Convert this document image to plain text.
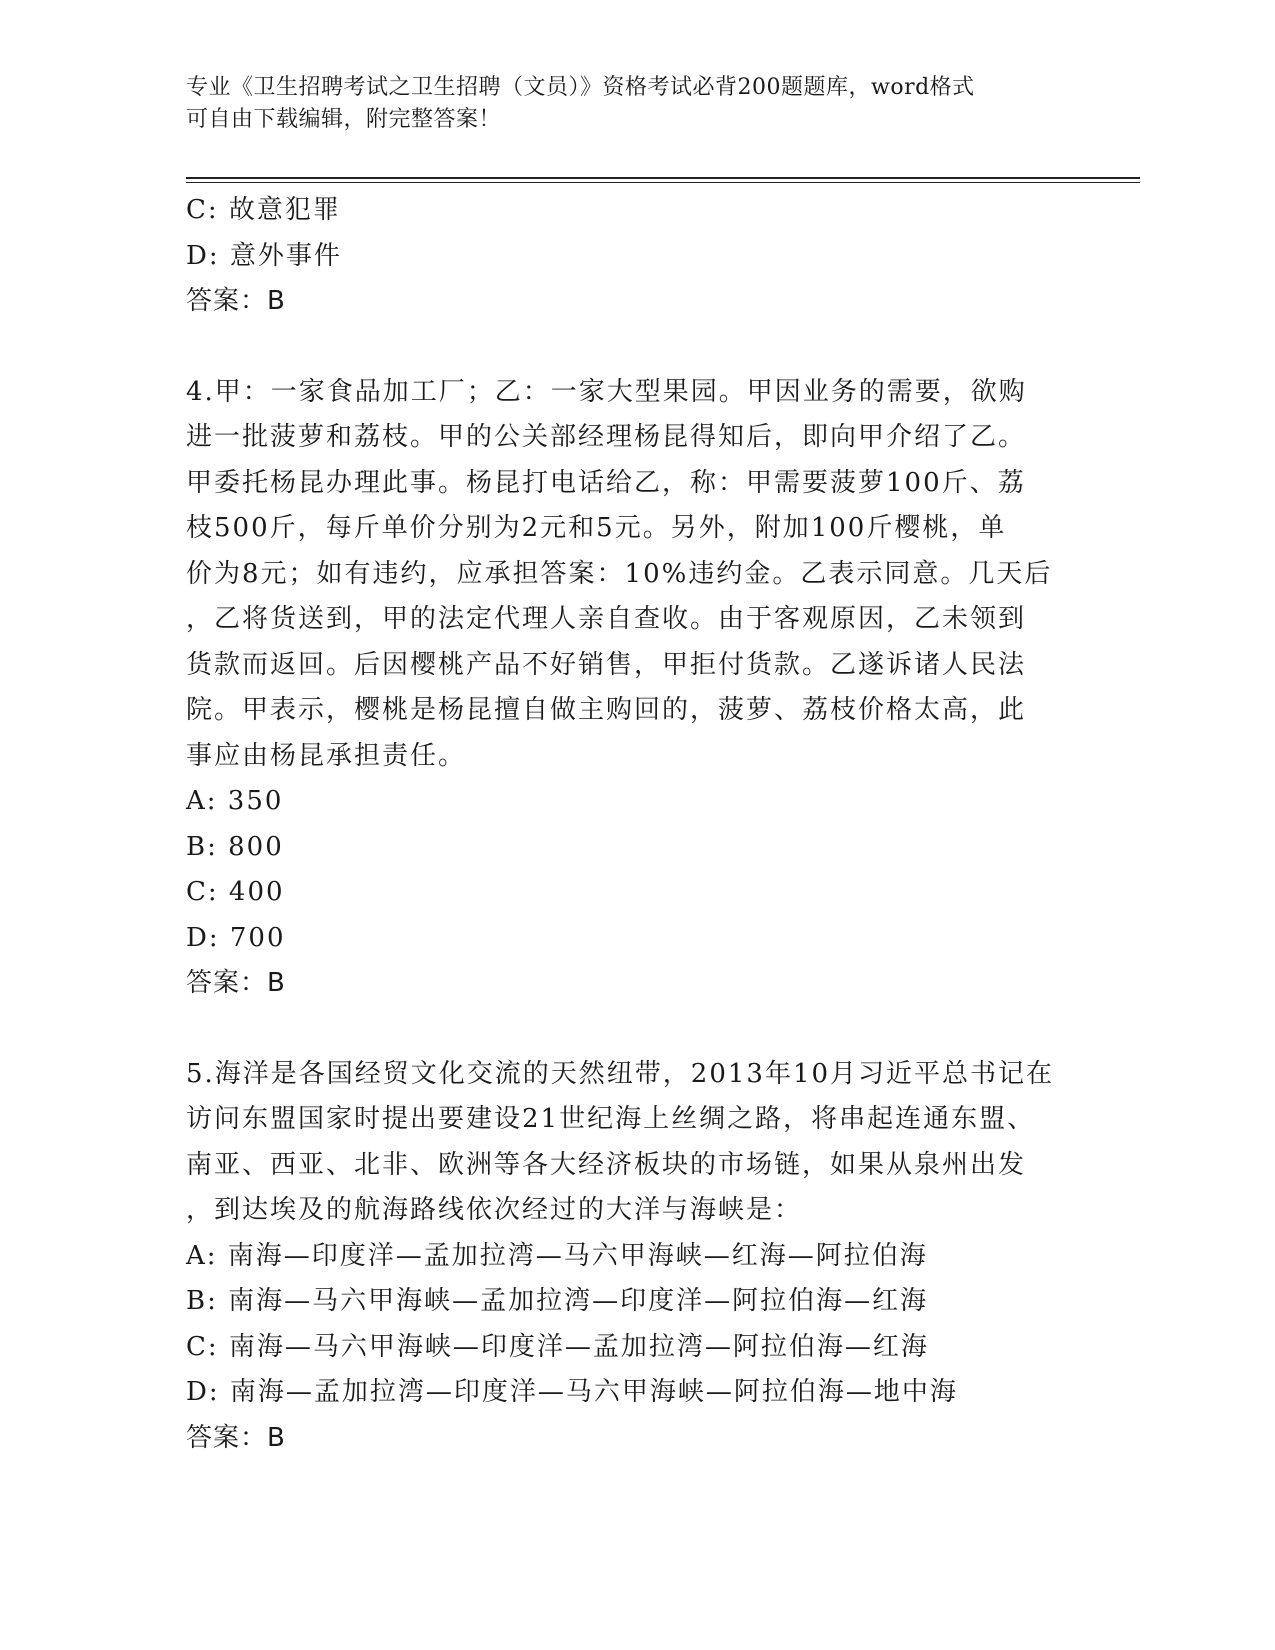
专业《卫生招聘考试之卫生招聘（文员）》资格考试必背200题题库，word格式
可自由下载编辑，附完整答案！
C: 故意犯罪
D: 意外事件
答案：B
4.甲：一家食品加工厂；乙：一家大型果园。甲因业务的需要，欲购
进一批菠萝和荔枝。甲的公关部经理杨昆得知后，即向甲介绍了乙。
甲委托杨昆办理此事。杨昆打电话给乙，称：甲需要菠萝100斤、荔
枝500斤，每斤单价分别为2元和5元。另外，附加100斤樱桃，单
价为8元；如有违约，应承担答案：10%违约金。乙表示同意。几天后
，乙将货送到，甲的法定代理人亲自查收。由于客观原因，乙未领到
货款而返回。后因樱桃产品不好销售，甲拒付货款。乙遂诉诸人民法
院。甲表示，樱桃是杨昆擅自做主购回的，菠萝、荔枝价格太高，此
事应由杨昆承担责任。
A: 350
B: 800
C: 400
D: 700
答案：B
5.海洋是各国经贸文化交流的天然纽带，2013年10月习近平总书记在
访问东盟国家时提出要建设21世纪海上丝绸之路，将串起连通东盟、
南亚、西亚、北非、欧洲等各大经济板块的市场链，如果从泉州出发
，到达埃及的航海路线依次经过的大洋与海峡是：
A: 南海—印度洋—孟加拉湾—马六甲海峡—红海—阿拉伯海
B: 南海—马六甲海峡—孟加拉湾—印度洋—阿拉伯海—红海
C: 南海—马六甲海峡—印度洋—孟加拉湾—阿拉伯海—红海
D: 南海—孟加拉湾—印度洋—马六甲海峡—阿拉伯海—地中海
答案：B
